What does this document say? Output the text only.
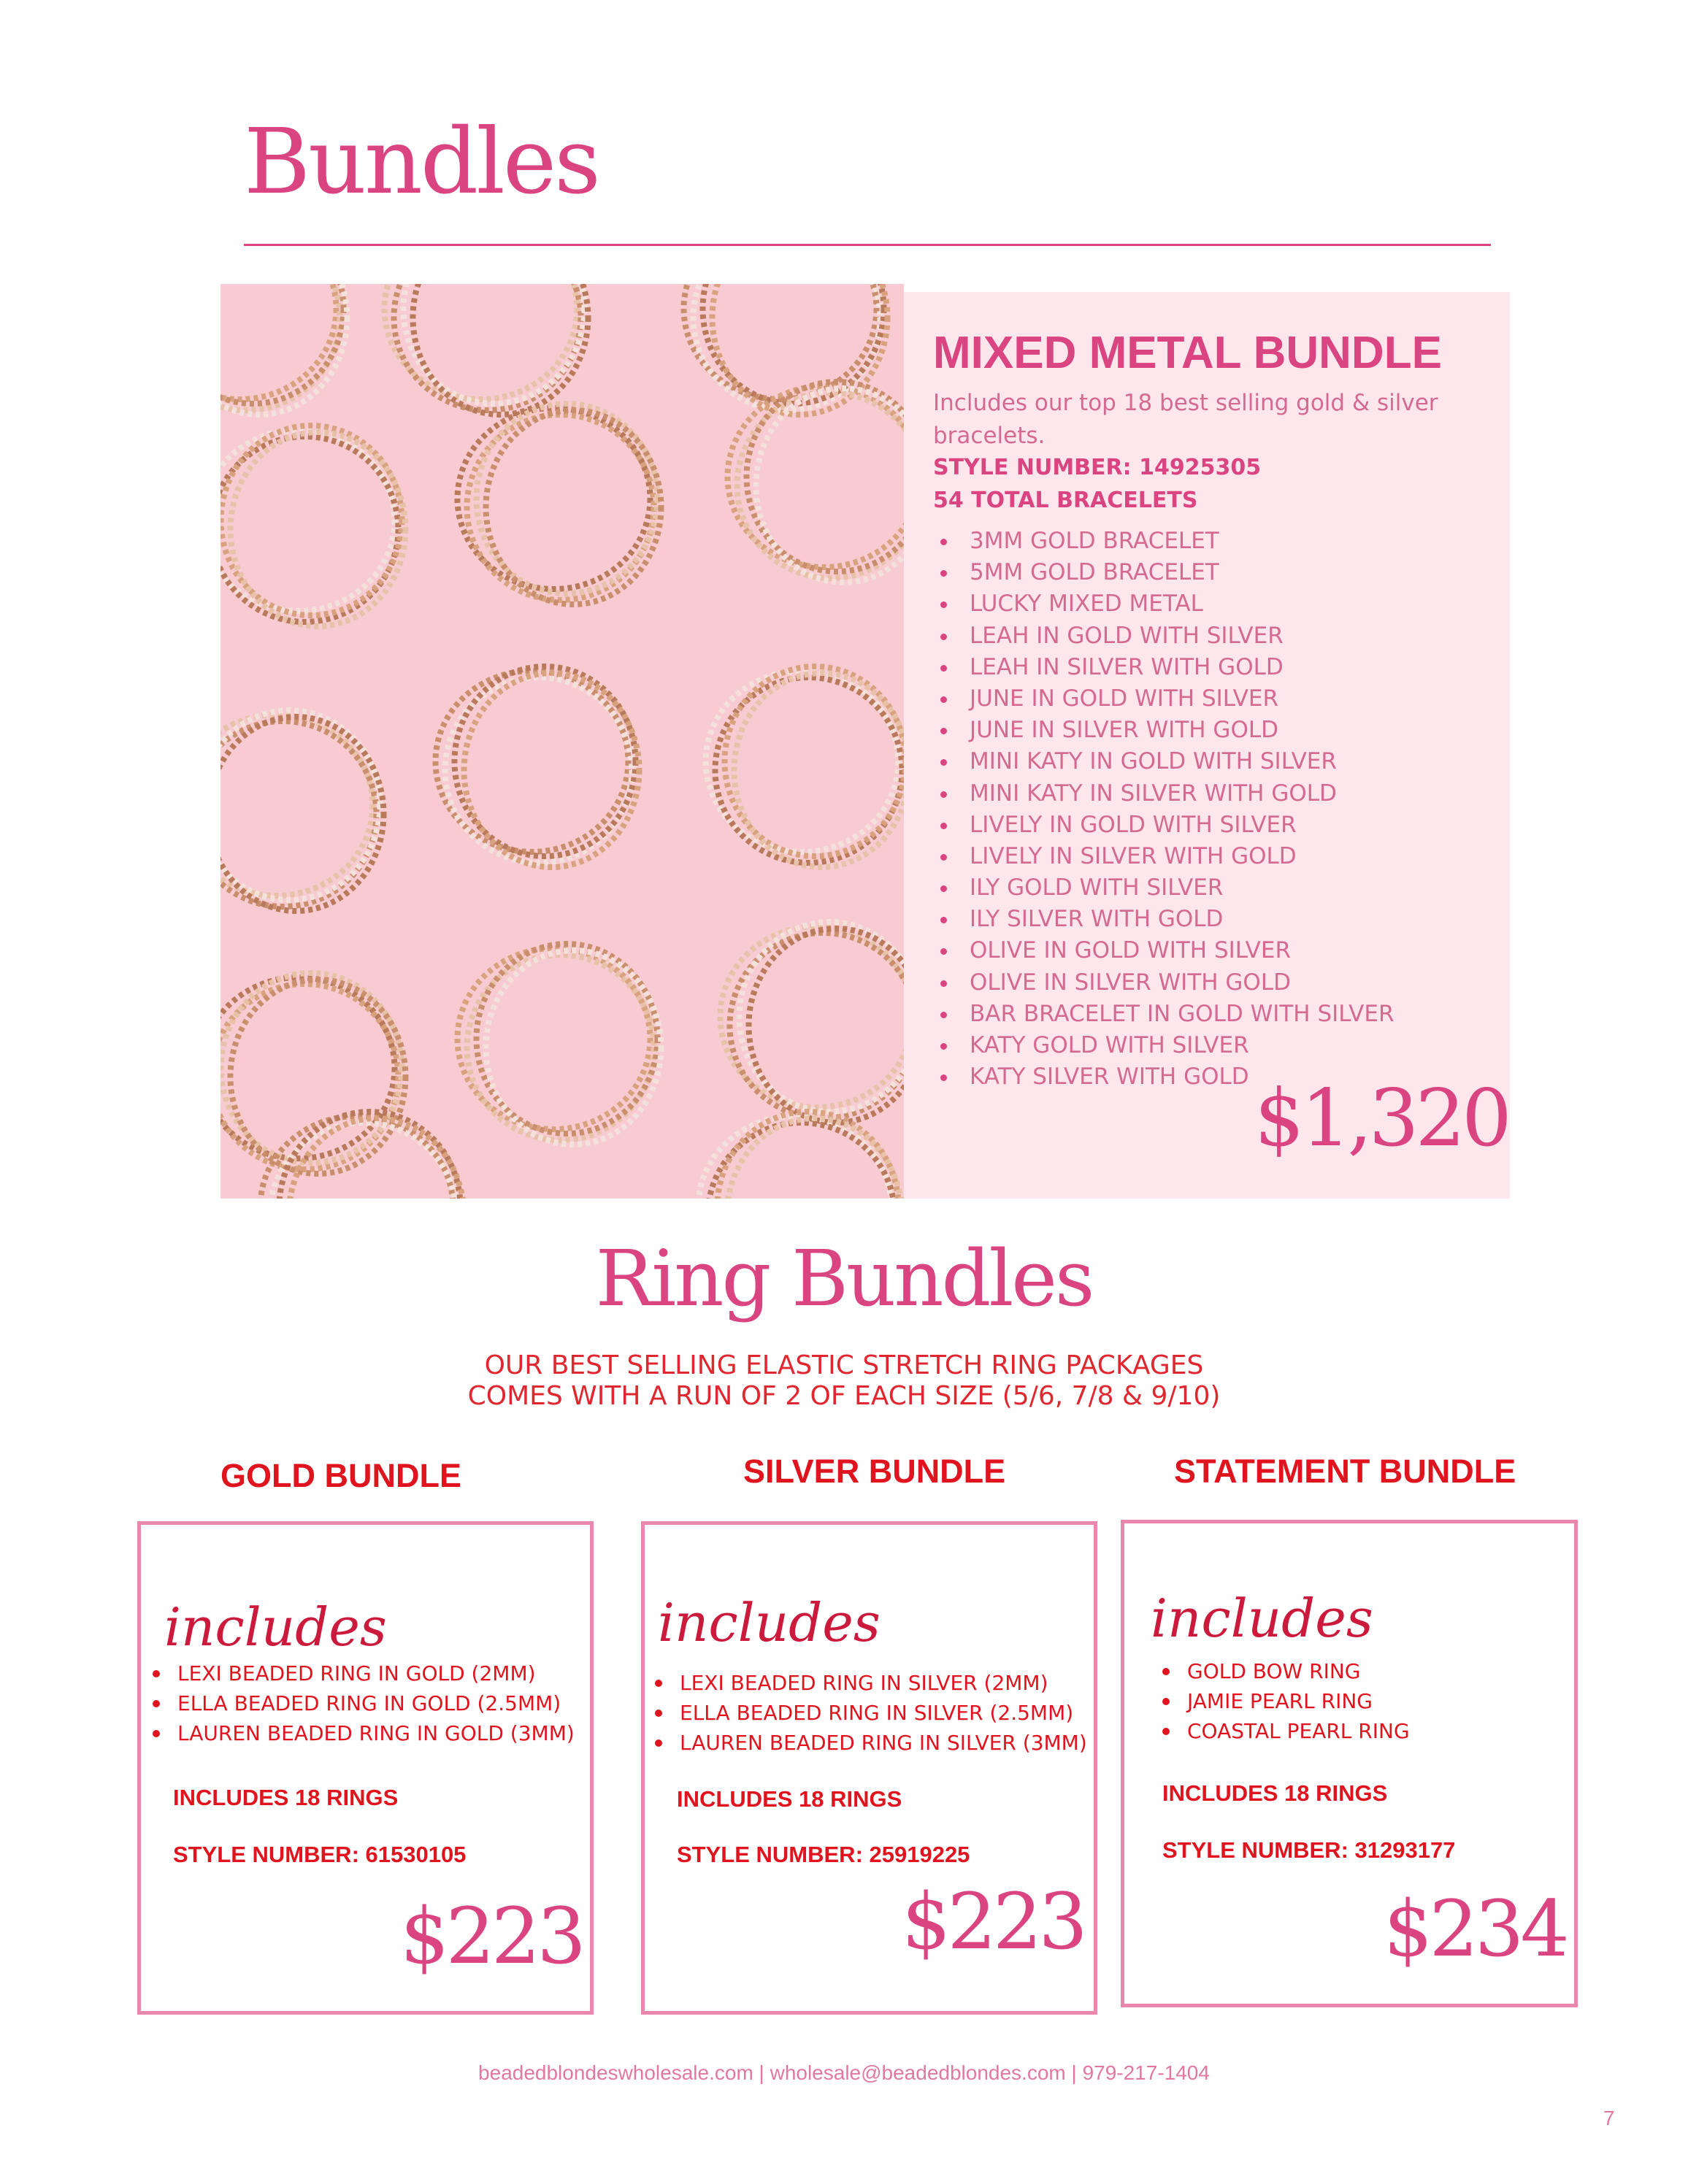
Bundles
MIXED METAL BUNDLE
Includes our top 18 best selling gold & silver bracelets.
STYLE NUMBER: 14925305
54 TOTAL BRACELETS
3MM GOLD BRACELET
5MM GOLD BRACELET
LUCKY MIXED METAL
LEAH IN GOLD WITH SILVER
LEAH IN SILVER WITH GOLD
JUNE IN GOLD WITH SILVER
JUNE IN SILVER WITH GOLD
MINI KATY IN GOLD WITH SILVER
MINI KATY IN SILVER WITH GOLD
LIVELY IN GOLD WITH SILVER
LIVELY IN SILVER WITH GOLD
ILY GOLD WITH SILVER
ILY SILVER WITH GOLD
OLIVE IN GOLD WITH SILVER
OLIVE IN SILVER WITH GOLD
BAR BRACELET IN GOLD WITH SILVER
KATY GOLD WITH SILVER
KATY SILVER WITH GOLD $1,320
Ring Bundles
OUR BEST SELLING ELASTIC STRETCH RING PACKAGES
COMES WITH A RUN OF 2 OF EACH SIZE (5/6, 7/8 & 9/10)
GOLD BUNDLE
includes
LEXI BEADED RING IN GOLD (2MM)
ELLA BEADED RING IN GOLD (2.5MM)
LAUREN BEADED RING IN GOLD (3MM)
INCLUDES 18 RINGS
STYLE NUMBER: 61530105
$223
SILVER BUNDLE
includes
LEXI BEADED RING IN SILVER (2MM)
ELLA BEADED RING IN SILVER (2.5MM)
LAUREN BEADED RING IN SILVER (3MM)
INCLUDES 18 RINGS
STYLE NUMBER: 25919225
$223
STATEMENT BUNDLE
includes
GOLD BOW RING
JAMIE PEARL RING
COASTAL PEARL RING
INCLUDES 18 RINGS
STYLE NUMBER: 31293177
$234
beadedblondeswholesale.com | wholesale@beadedblondes.com | 979-217-1404
7
